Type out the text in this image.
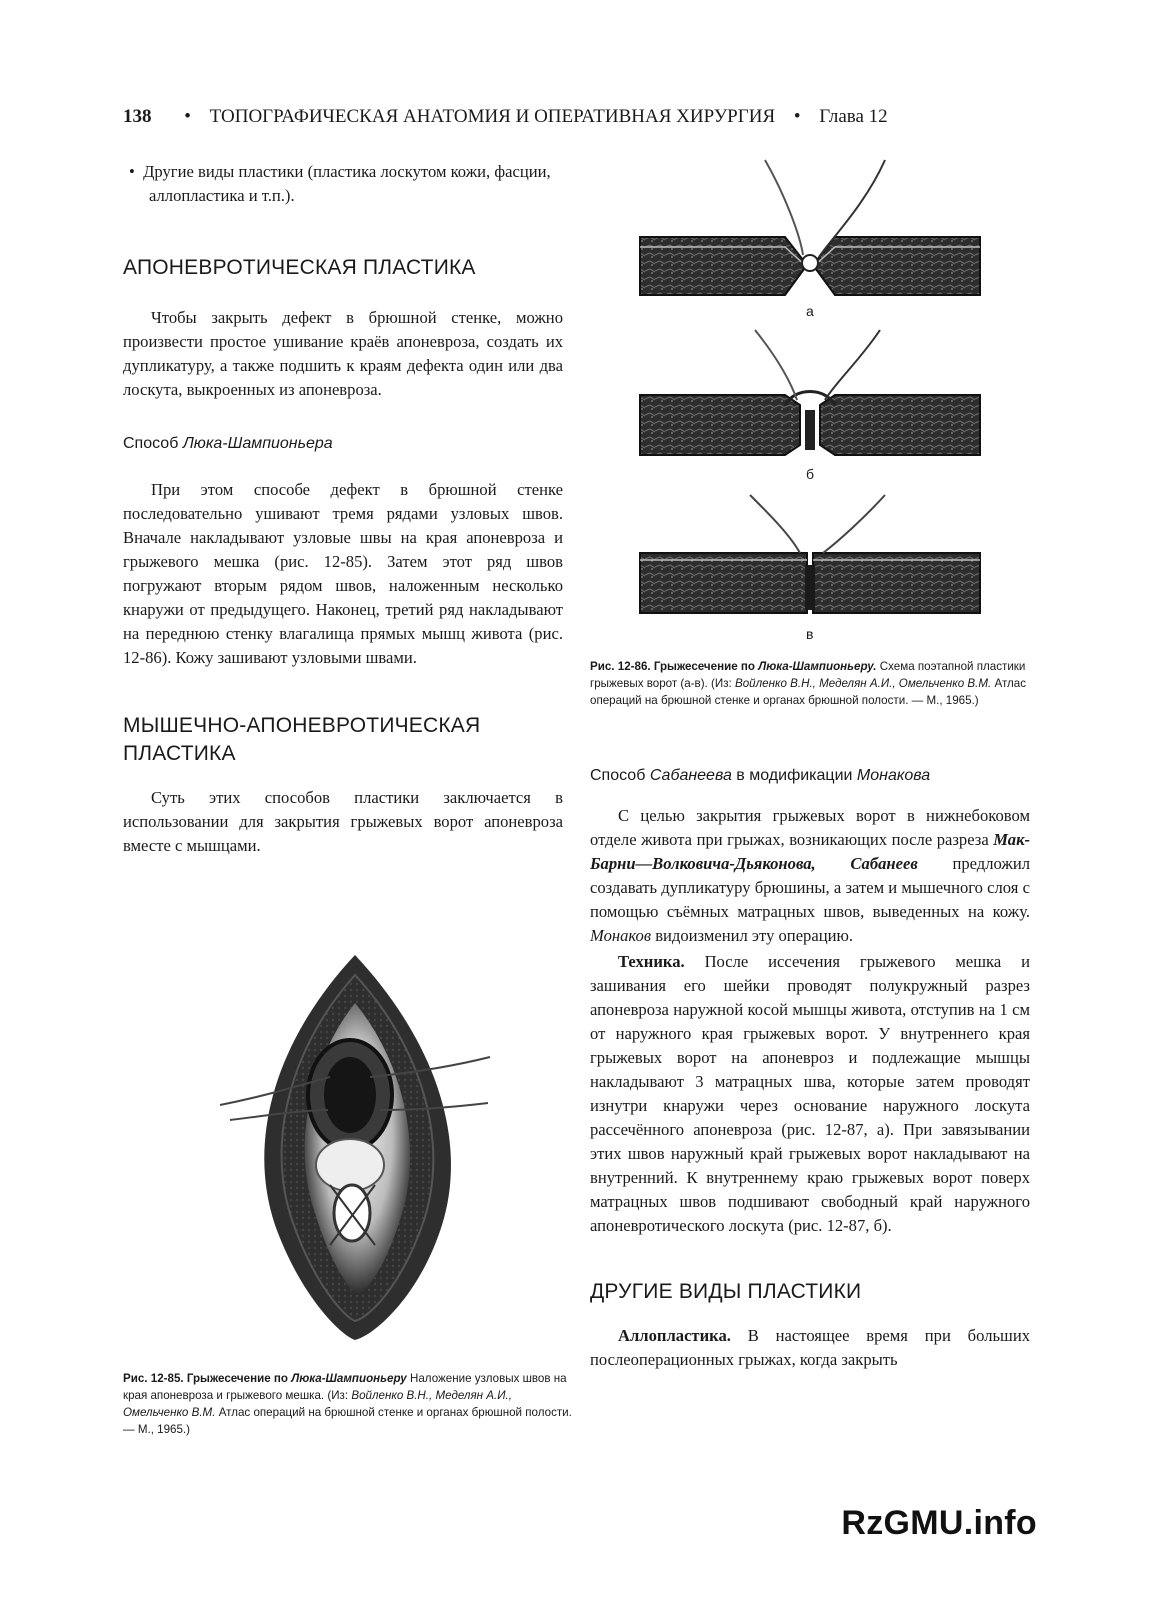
138 • ТОПОГРАФИЧЕСКАЯ АНАТОМИЯ И ОПЕРАТИВНАЯ ХИРУРГИЯ • Глава 12

• Другие виды пластики (пластика лоскутом кожи, фасции, аллопластика и т.п.).

АПОНЕВРОТИЧЕСКАЯ ПЛАСТИКА

Чтобы закрыть дефект в брюшной стенке, можно произвести простое ушивание краёв апоневроза, создать их дупликатуру, а также подшить к краям дефекта один или два лоскута, выкроенных из апоневроза.

Способ Люка-Шампионьера

При этом способе дефект в брюшной стенке последовательно ушивают тремя рядами узловых швов. Вначале накладывают узловые швы на края апоневроза и грыжевого мешка (рис. 12-85). Затем этот ряд швов погружают вторым рядом швов, наложенным несколько кнаружи от предыдущего. Наконец, третий ряд накладывают на переднюю стенку влагалища прямых мышц живота (рис. 12-86). Кожу зашивают узловыми швами.

МЫШЕЧНО-АПОНЕВРОТИЧЕСКАЯ
ПЛАСТИКА

Суть этих способов пластики заключается в использовании для закрытия грыжевых ворот апоневроза вместе с мышцами.

Рис. 12-85. Грыжесечение по Люка-Шампионьеру Наложение узловых швов на края апоневроза и грыжевого мешка. (Из: Войленко В.Н., Меделян А.И., Омельченко В.М. Атлас операций на брюшной стенке и органах брюшной полости. — М., 1965.)
а
б
в
Рис. 12-86. Грыжесечение по Люка-Шампионьеру. Схема поэтапной пластики грыжевых ворот (а-в). (Из: Войленко В.Н., Меделян А.И., Омельченко В.М. Атлас операций на брюшной стенке и органах брюшной полости. — М., 1965.)
Способ Сабанеева в модификации Монакова

С целью закрытия грыжевых ворот в нижнебоковом отделе живота при грыжах, возникающих после разреза Мак-Барни—Волковича-Дьяконова, Сабанеев предложил создавать дупликатуру брюшины, а затем и мышечного слоя с помощью съёмных матрацных швов, выведенных на кожу. Монаков видоизменил эту операцию.

Техника. После иссечения грыжевого мешка и зашивания его шейки проводят полукружный разрез апоневроза наружной косой мышцы живота, отступив на 1 см от наружного края грыжевых ворот. У внутреннего края грыжевых ворот на апоневроз и подлежащие мышцы накладывают 3 матрацных шва, которые затем проводят изнутри кнаружи через основание наружного лоскута рассечённого апоневроза (рис. 12-87, а). При завязывании этих швов наружный край грыжевых ворот накладывают на внутренний. К внутреннему краю грыжевых ворот поверх матрацных швов подшивают свободный край наружного апоневротического лоскута (рис. 12-87, б).

ДРУГИЕ ВИДЫ ПЛАСТИКИ

Аллопластика. В настоящее время при больших послеоперационных грыжах, когда закрыть

RzGMU.info
